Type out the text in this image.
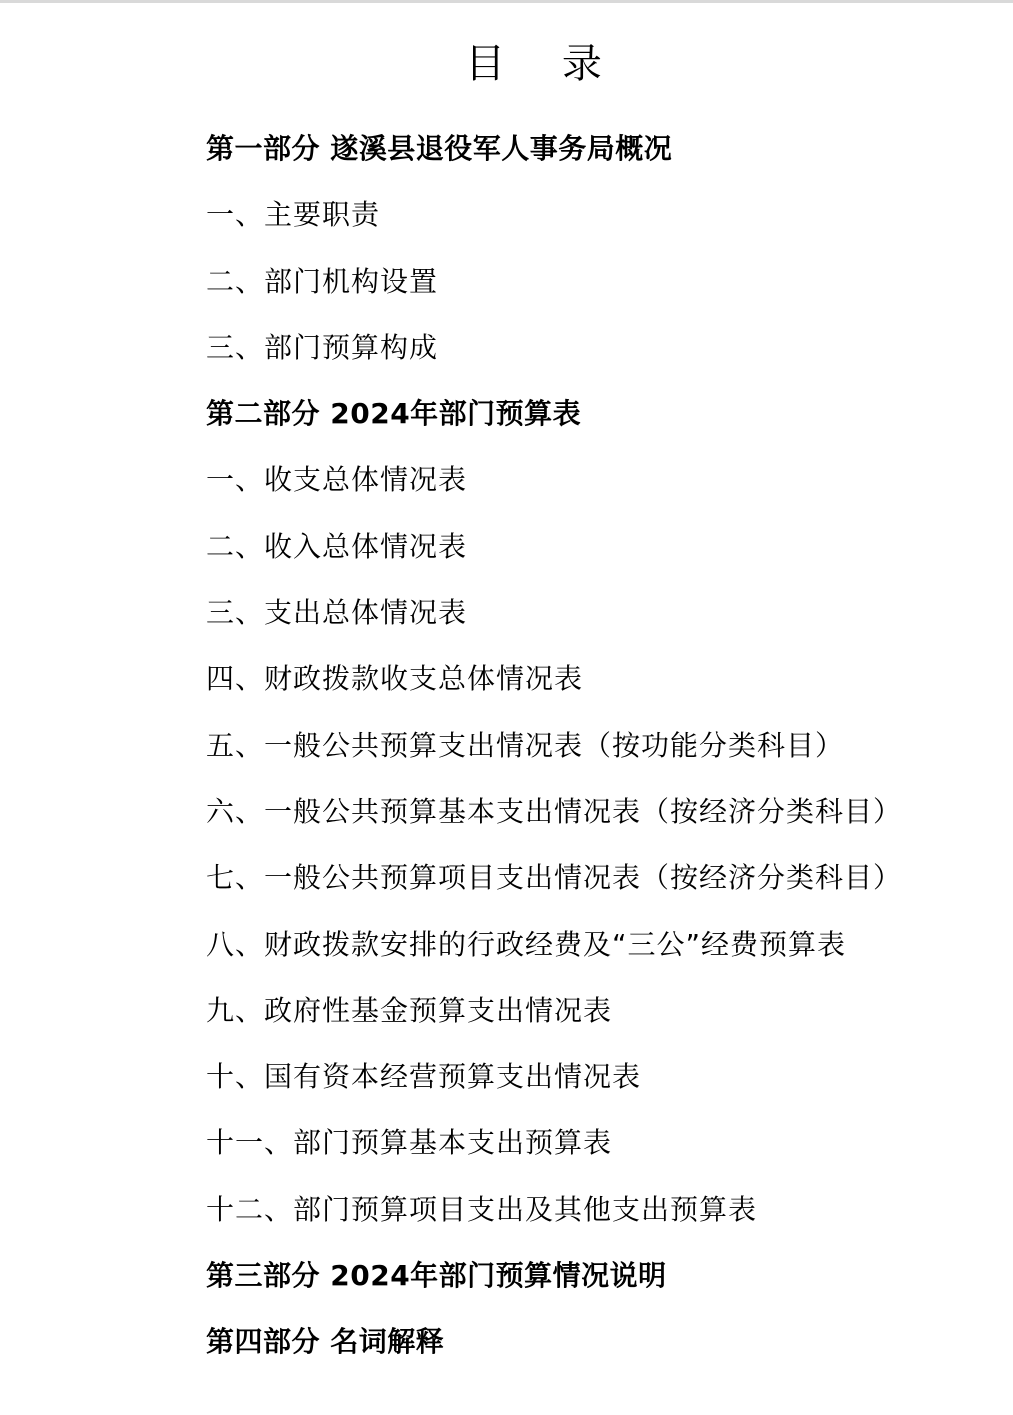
目 录
第一部分 遂溪县退役军人事务局概况
一、主要职责
二、部门机构设置
三、部门预算构成
第二部分 2024年部门预算表
一、收支总体情况表
二、收入总体情况表
三、支出总体情况表
四、财政拨款收支总体情况表
五、一般公共预算支出情况表（按功能分类科目）
六、一般公共预算基本支出情况表（按经济分类科目）
七、一般公共预算项目支出情况表（按经济分类科目）
八、财政拨款安排的行政经费及“三公”经费预算表
九、政府性基金预算支出情况表
十、国有资本经营预算支出情况表
十一、部门预算基本支出预算表
十二、部门预算项目支出及其他支出预算表
第三部分 2024年部门预算情况说明
第四部分 名词解释
